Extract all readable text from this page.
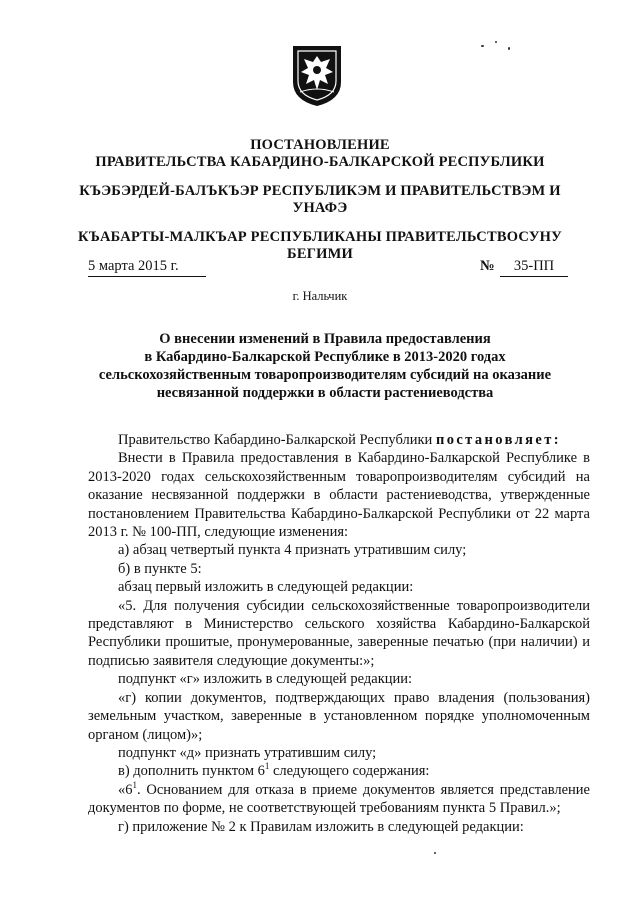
ПОСТАНОВЛЕНИЕ
ПРАВИТЕЛЬСТВА КАБАРДИНО-БАЛКАРСКОЙ РЕСПУБЛИКИ
КЪЭБЭРДЕЙ-БАЛЪКЪЭР РЕСПУБЛИКЭМ И ПРАВИТЕЛЬСТВЭМ И
УНАФЭ
КЪАБАРТЫ-МАЛКЪАР РЕСПУБЛИКАНЫ ПРАВИТЕЛЬСТВОСУНУ
БЕГИМИ
5 марта 2015 г.	№	35-ПП
г. Нальчик
О внесении изменений в Правила предоставления
в Кабардино-Балкарской Республике в 2013-2020 годах
сельскохозяйственным товаропроизводителям субсидий на оказание
несвязанной поддержки в области растениеводства

Правительство Кабардино-Балкарской Республики постановляет:

Внести в Правила предоставления в Кабардино-Балкарской Республике в 2013-2020 годах сельскохозяйственным товаропроизводителям субсидий на оказание несвязанной поддержки в области растениеводства, утвержденные постановлением Правительства Кабардино-Балкарской Республики от 22 марта 2013 г. № 100-ПП, следующие изменения:

а) абзац четвертый пункта 4 признать утратившим силу;

б) в пункте 5:

абзац первый изложить в следующей редакции:

«5. Для получения субсидии сельскохозяйственные товаропроизводители представляют в Министерство сельского хозяйства Кабардино-Балкарской Республики прошитые, пронумерованные, заверенные печатью (при наличии) и подписью заявителя следующие документы:»;

подпункт «г» изложить в следующей редакции:

«г) копии документов, подтверждающих право владения (пользования) земельным участком, заверенные в установленном порядке уполномоченным органом (лицом)»;

подпункт «д» признать утратившим силу;

в) дополнить пунктом $6^1$ следующего содержания:

«$6^1$. Основанием для отказа в приеме документов является представление документов по форме, не соответствующей требованиям пункта 5 Правил.»;

г) приложение № 2 к Правилам изложить в следующей редакции:
